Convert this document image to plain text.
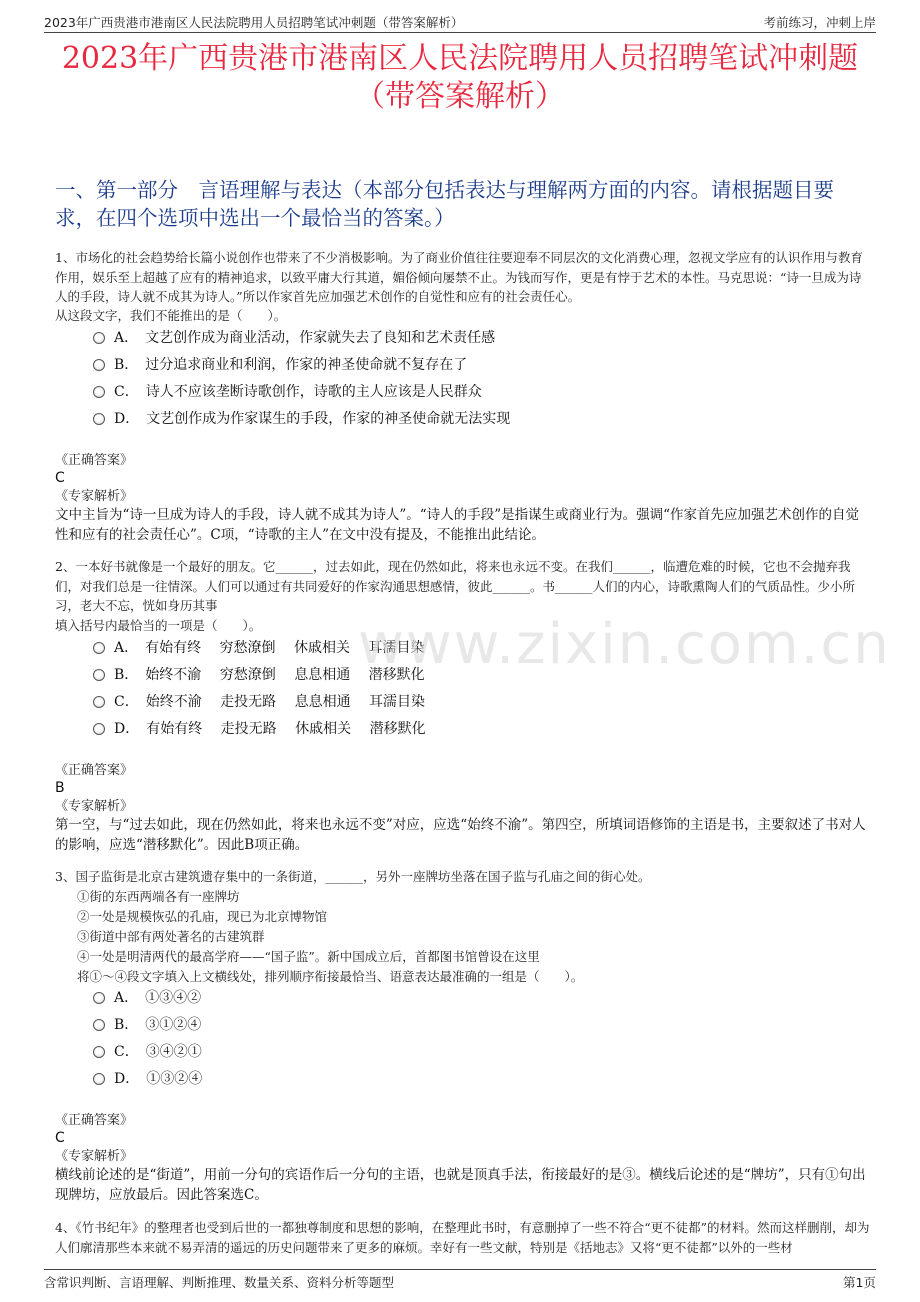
2023年广西贵港市港南区人民法院聘用人员招聘笔试冲刺题（带答案解析）	考前练习，冲刺上岸
2023年广西贵港市港南区人民法院聘用人员招聘笔试冲刺题
（带答案解析）
一、第一部分　言语理解与表达（本部分包括表达与理解两方面的内容。请根据题目要求，在四个选项中选出一个最恰当的答案。）
1、市场化的社会趋势给长篇小说创作也带来了不少消极影响。为了商业价值往往要迎奉不同层次的文化消费心理，忽视文学应有的认识作用与教育作用，娱乐至上超越了应有的精神追求，以致平庸大行其道，媚俗倾向屡禁不止。为钱而写作，更是有悖于艺术的本性。马克思说：“诗一旦成为诗人的手段，诗人就不成其为诗人。”所以作家首先应加强艺术创作的自觉性和应有的社会责任心。
从这段文字，我们不能推出的是（　　）。
A．　文艺创作成为商业活动，作家就失去了良知和艺术责任感
B．　过分追求商业和利润，作家的神圣使命就不复存在了
C．　诗人不应该垄断诗歌创作，诗歌的主人应该是人民群众
D．　文艺创作成为作家谋生的手段，作家的神圣使命就无法实现
《正确答案》
C
《专家解析》
文中主旨为“诗一旦成为诗人的手段，诗人就不成其为诗人”。“诗人的手段”是指谋生或商业行为。强调“作家首先应加强艺术创作的自觉性和应有的社会责任心”。C项，“诗歌的主人”在文中没有提及，不能推出此结论。
2、一本好书就像是一个最好的朋友。它______，过去如此，现在仍然如此，将来也永远不变。在我们______，临遭危难的时候，它也不会抛弃我们，对我们总是一往情深。人们可以通过有共同爱好的作家沟通思想感情，彼此______。书______人们的内心，诗歌熏陶人们的气质品性。少小所习，老大不忘，恍如身历其事
填入括号内最恰当的一项是（　　）。
A．　有始有终　 穷愁潦倒　 休戚相关　 耳濡目染
B．　始终不渝　 穷愁潦倒　 息息相通　 潜移默化
C．　始终不渝　 走投无路　 息息相通　 耳濡目染
D．　有始有终　 走投无路　 休戚相关　 潜移默化
www.zixin.com.cn
《正确答案》
B
《专家解析》
第一空，与“过去如此，现在仍然如此，将来也永远不变”对应，应选“始终不渝”。第四空，所填词语修饰的主语是书，主要叙述了书对人的影响，应选“潜移默化”。因此B项正确。
3、国子监街是北京古建筑遗存集中的一条街道，______，另外一座牌坊坐落在国子监与孔庙之间的街心处。
①街的东西两端各有一座牌坊
②一处是规模恢弘的孔庙，现已为北京博物馆
③街道中部有两处著名的古建筑群
④一处是明清两代的最高学府——“国子监”。新中国成立后，首都图书馆曾设在这里
将①～④段文字填入上文横线处，排列顺序衔接最恰当、语意表达最准确的一组是（　　）。
A．　①③④②
B．　③①②④
C．　③④②①
D．　①③②④
《正确答案》
C
《专家解析》
横线前论述的是“街道”，用前一分句的宾语作后一分句的主语，也就是顶真手法，衔接最好的是③。横线后论述的是“牌坊”，只有①句出现牌坊，应放最后。因此答案选C。
4、《竹书纪年》的整理者也受到后世的一都独尊制度和思想的影响，在整理此书时，有意删掉了一些不符合“更不徒都”的材料。然而这样删削，却为人们廓清那些本来就不易弄清的遥远的历史问题带来了更多的麻烦。幸好有一些文献，特别是《括地志》又将“更不徒都”以外的一些材
含常识判断、言语理解、判断推理、数量关系、资料分析等题型	第1页
